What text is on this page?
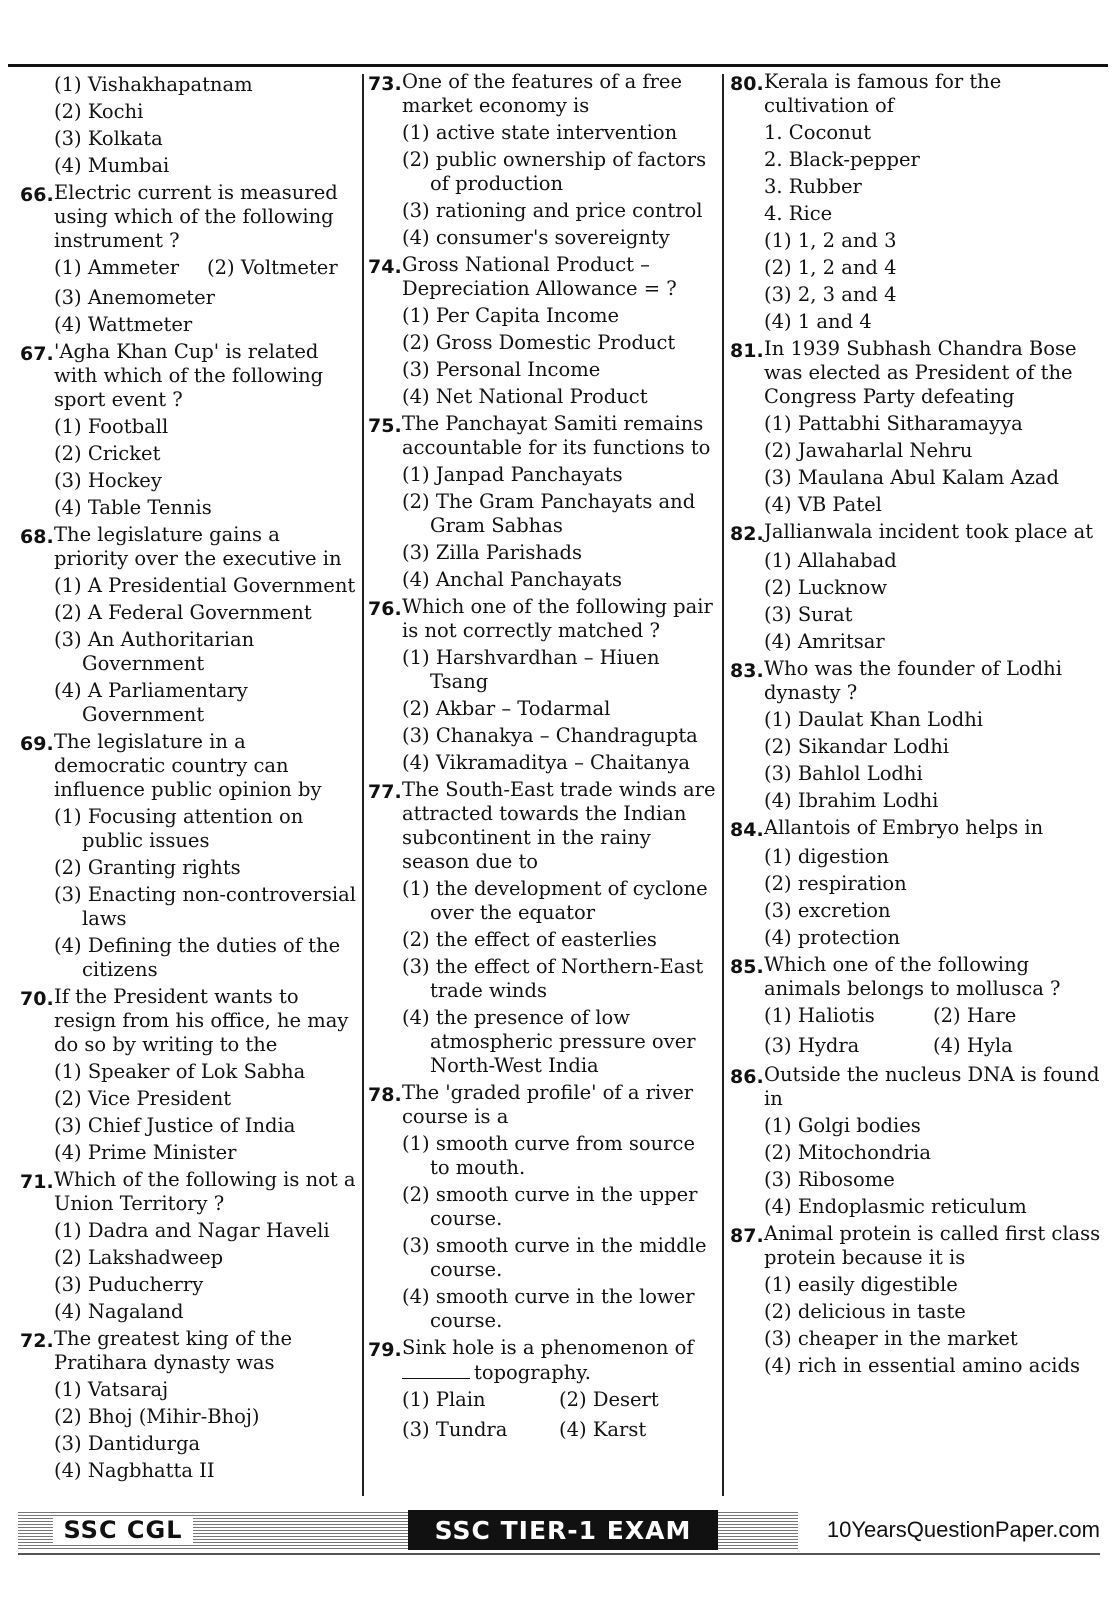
(1) Vishakhapatnam
(2) Kochi
(3) Kolkata
(4) Mumbai
66. Electric current is measured using which of the following instrument ?
(1) Ammeter	(2) Voltmeter
(3) Anemometer
(4) Wattmeter
67. 'Agha Khan Cup' is related with which of the following sport event ?
(1) Football
(2) Cricket
(3) Hockey
(4) Table Tennis
68. The legislature gains a priority over the executive in
(1) A Presidential Government
(2) A Federal Government
(3) An Authoritarian Government
(4) A Parliamentary Government
69. The legislature in a democratic country can influence public opinion by
(1) Focusing attention on public issues
(2) Granting rights
(3) Enacting non-controversial laws
(4) Defining the duties of the citizens
70. If the President wants to resign from his office, he may do so by writing to the
(1) Speaker of Lok Sabha
(2) Vice President
(3) Chief Justice of India
(4) Prime Minister
71. Which of the following is not a Union Territory ?
(1) Dadra and Nagar Haveli
(2) Lakshadweep
(3) Puducherry
(4) Nagaland
72. The greatest king of the Pratihara dynasty was
(1) Vatsaraj
(2) Bhoj (Mihir-Bhoj)
(3) Dantidurga
(4) Nagbhatta II
73. One of the features of a free market economy is
(1) active state intervention
(2) public ownership of factors of production
(3) rationing and price control
(4) consumer's sovereignty
74. Gross National Product – Depreciation Allowance = ?
(1) Per Capita Income
(2) Gross Domestic Product
(3) Personal Income
(4) Net National Product
75. The Panchayat Samiti remains accountable for its functions to
(1) Janpad Panchayats
(2) The Gram Panchayats and Gram Sabhas
(3) Zilla Parishads
(4) Anchal Panchayats
76. Which one of the following pair is not correctly matched ?
(1) Harshvardhan – Hiuen Tsang
(2) Akbar – Todarmal
(3) Chanakya – Chandragupta
(4) Vikramaditya – Chaitanya
77. The South-East trade winds are attracted towards the Indian subcontinent in the rainy season due to
(1) the development of cyclone over the equator
(2) the effect of easterlies
(3) the effect of Northern-East trade winds
(4) the presence of low atmospheric pressure over North-West India
78. The 'graded profile' of a river course is a
(1) smooth curve from source to mouth.
(2) smooth curve in the upper course.
(3) smooth curve in the middle course.
(4) smooth curve in the lower course.
79. Sink hole is a phenomenon of
topography.
(1) Plain	(2) Desert
(3) Tundra	(4) Karst
80. Kerala is famous for the cultivation of
1. Coconut
2. Black-pepper
3. Rubber
4. Rice
(1) 1, 2 and 3
(2) 1, 2 and 4
(3) 2, 3 and 4
(4) 1 and 4
81. In 1939 Subhash Chandra Bose was elected as President of the Congress Party defeating
(1) Pattabhi Sitharamayya
(2) Jawaharlal Nehru
(3) Maulana Abul Kalam Azad
(4) VB Patel
82. Jallianwala incident took place at
(1) Allahabad
(2) Lucknow
(3) Surat
(4) Amritsar
83. Who was the founder of Lodhi dynasty ?
(1) Daulat Khan Lodhi
(2) Sikandar Lodhi
(3) Bahlol Lodhi
(4) Ibrahim Lodhi
84. Allantois of Embryo helps in
(1) digestion
(2) respiration
(3) excretion
(4) protection
85. Which one of the following animals belongs to mollusca ?
(1) Haliotis	(2) Hare
(3) Hydra	(4) Hyla
86. Outside the nucleus DNA is found in
(1) Golgi bodies
(2) Mitochondria
(3) Ribosome
(4) Endoplasmic reticulum
87. Animal protein is called first class protein because it is
(1) easily digestible
(2) delicious in taste
(3) cheaper in the market
(4) rich in essential amino acids
SSC CGL	SSC TIER-1 EXAM	10YearsQuestionPaper.com
